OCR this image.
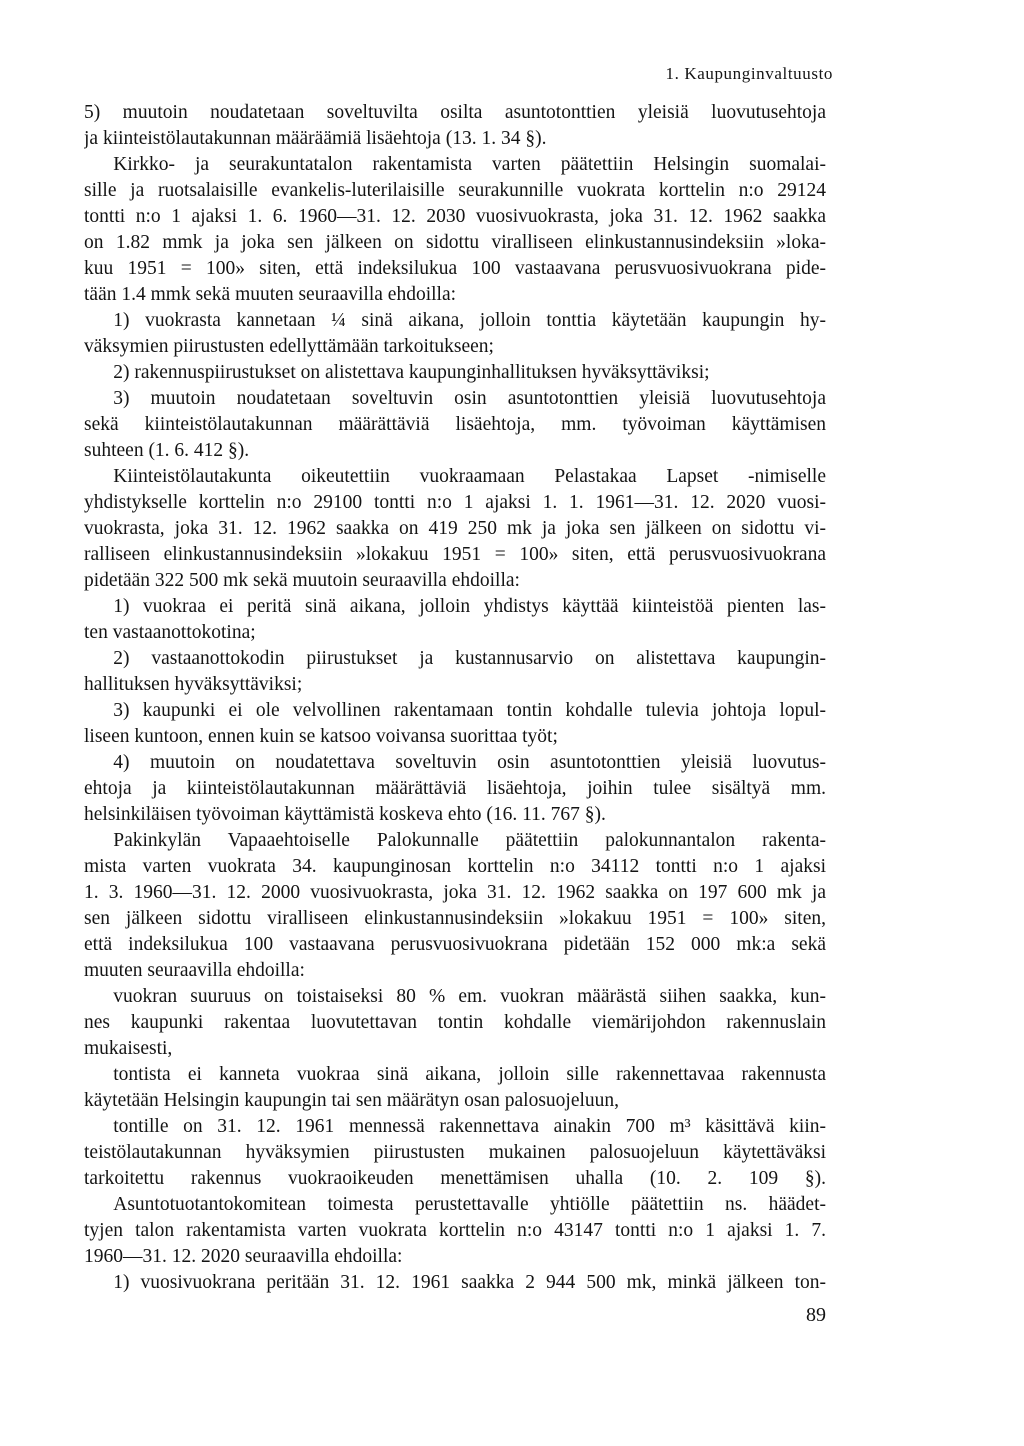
1. Kaupunginvaltuusto
5) muutoin noudatetaan soveltuvilta osilta asuntotonttien yleisiä luovutusehtoja
ja kiinteistölautakunnan määräämiä lisäehtoja (13. 1. 34 §).
Kirkko- ja seurakuntatalon rakentamista varten päätettiin Helsingin suomalai-
sille ja ruotsalaisille evankelis-luterilaisille seurakunnille vuokrata korttelin n:o 29124
tontti n:o 1 ajaksi 1. 6. 1960—31. 12. 2030 vuosivuokrasta, joka 31. 12. 1962 saakka
on 1.82 mmk ja joka sen jälkeen on sidottu viralliseen elinkustannusindeksiin »loka-
kuu 1951 = 100» siten, että indeksilukua 100 vastaavana perusvuosivuokrana pide-
tään 1.4 mmk sekä muuten seuraavilla ehdoilla:
1) vuokrasta kannetaan ¼ sinä aikana, jolloin tonttia käytetään kaupungin hy-
väksymien piirustusten edellyttämään tarkoitukseen;
2) rakennuspiirustukset on alistettava kaupunginhallituksen hyväksyttäviksi;
3) muutoin noudatetaan soveltuvin osin asuntotonttien yleisiä luovutusehtoja
sekä kiinteistölautakunnan määrättäviä lisäehtoja, mm. työvoiman käyttämisen
suhteen (1. 6. 412 §).
Kiinteistölautakunta oikeutettiin vuokraamaan Pelastakaa Lapset -nimiselle
yhdistykselle korttelin n:o 29100 tontti n:o 1 ajaksi 1. 1. 1961—31. 12. 2020 vuosi-
vuokrasta, joka 31. 12. 1962 saakka on 419 250 mk ja joka sen jälkeen on sidottu vi-
ralliseen elinkustannusindeksiin »lokakuu 1951 = 100» siten, että perusvuosivuokrana
pidetään 322 500 mk sekä muutoin seuraavilla ehdoilla:
1) vuokraa ei peritä sinä aikana, jolloin yhdistys käyttää kiinteistöä pienten las-
ten vastaanottokotina;
2) vastaanottokodin piirustukset ja kustannusarvio on alistettava kaupungin-
hallituksen hyväksyttäviksi;
3) kaupunki ei ole velvollinen rakentamaan tontin kohdalle tulevia johtoja lopul-
liseen kuntoon, ennen kuin se katsoo voivansa suorittaa työt;
4) muutoin on noudatettava soveltuvin osin asuntotonttien yleisiä luovutus-
ehtoja ja kiinteistölautakunnan määrättäviä lisäehtoja, joihin tulee sisältyä mm.
helsinkiläisen työvoiman käyttämistä koskeva ehto (16. 11. 767 §).
Pakinkylän Vapaaehtoiselle Palokunnalle päätettiin palokunnantalon rakenta-
mista varten vuokrata 34. kaupunginosan korttelin n:o 34112 tontti n:o 1 ajaksi
1. 3. 1960—31. 12. 2000 vuosivuokrasta, joka 31. 12. 1962 saakka on 197 600 mk ja
sen jälkeen sidottu viralliseen elinkustannusindeksiin »lokakuu 1951 = 100» siten,
että indeksilukua 100 vastaavana perusvuosivuokrana pidetään 152 000 mk:a sekä
muuten seuraavilla ehdoilla:
vuokran suuruus on toistaiseksi 80 % em. vuokran määrästä siihen saakka, kun-
nes kaupunki rakentaa luovutettavan tontin kohdalle viemärijohdon rakennuslain
mukaisesti,
tontista ei kanneta vuokraa sinä aikana, jolloin sille rakennettavaa rakennusta
käytetään Helsingin kaupungin tai sen määrätyn osan palosuojeluun,
tontille on 31. 12. 1961 mennessä rakennettava ainakin 700 m³ käsittävä kiin-
teistölautakunnan hyväksymien piirustusten mukainen palosuojeluun käytettäväksi
tarkoitettu rakennus vuokraoikeuden menettämisen uhalla (10. 2. 109 §).
Asuntotuotantokomitean toimesta perustettavalle yhtiölle päätettiin ns. häädet-
tyjen talon rakentamista varten vuokrata korttelin n:o 43147 tontti n:o 1 ajaksi 1. 7.
1960—31. 12. 2020 seuraavilla ehdoilla:
1) vuosivuokrana peritään 31. 12. 1961 saakka 2 944 500 mk, minkä jälkeen ton-
89
